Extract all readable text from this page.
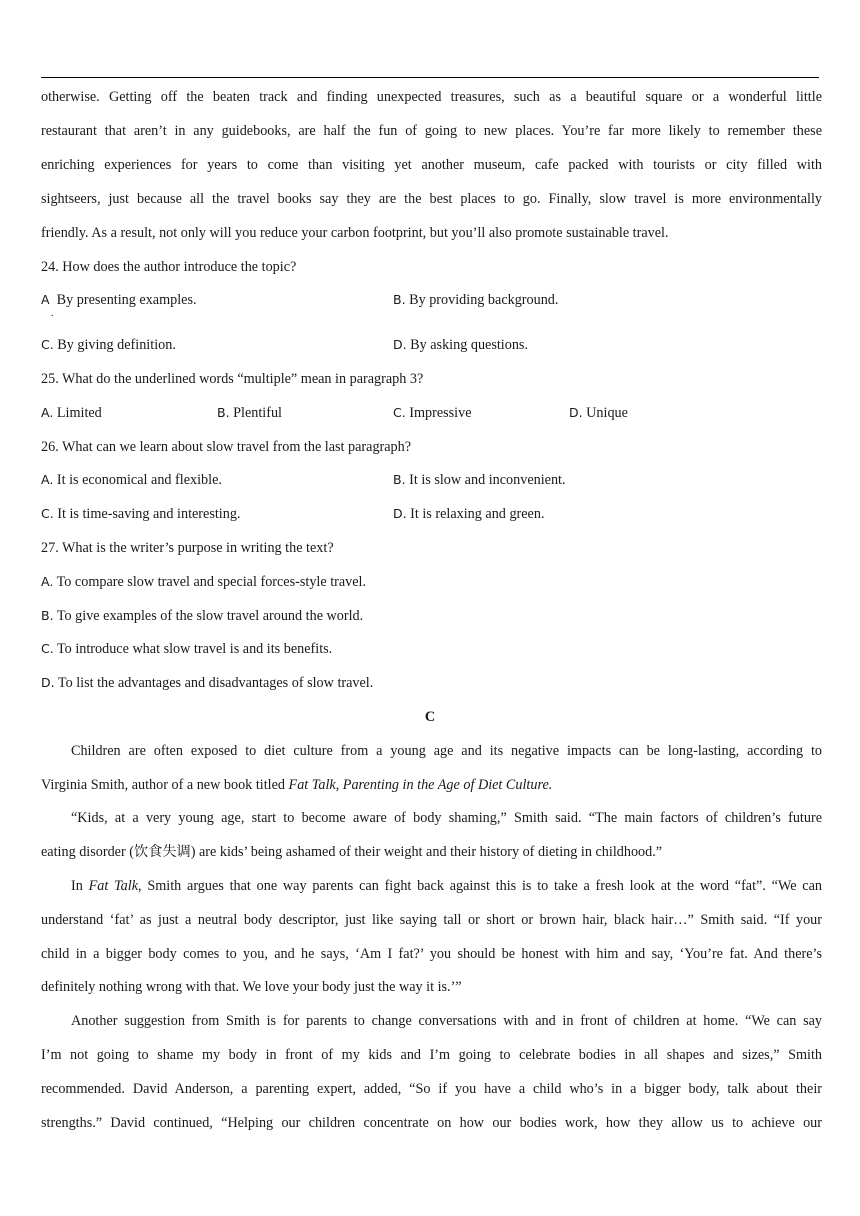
otherwise. Getting off the beaten track and finding unexpected treasures, such as a beautiful square or a wonderful little
restaurant that aren’t in any guidebooks, are half the fun of going to new places. You’re far more likely to remember these
enriching experiences for years to come than visiting yet another museum, cafe packed with tourists or city filled with
sightseers, just because all the travel books say they are the best places to go. Finally, slow travel is more environmentally
friendly. As a result, not only will you reduce your carbon footprint, but you’ll also promote sustainable travel.
24. How does the author introduce the topic?
A By presenting examples.
.
B. By providing background.
C. By giving definition.	D. By asking questions.
25. What do the underlined words “multiple” mean in paragraph 3?
A. Limited	B. Plentiful	C. Impressive	D. Unique
26. What can we learn about slow travel from the last paragraph?
A. It is economical and flexible.	B. It is slow and inconvenient.
C. It is time-saving and interesting.	D. It is relaxing and green.
27. What is the writer’s purpose in writing the text?
A. To compare slow travel and special forces-style travel.
B. To give examples of the slow travel around the world.
C. To introduce what slow travel is and its benefits.
D. To list the advantages and disadvantages of slow travel.
C
Children are often exposed to diet culture from a young age and its negative impacts can be long-lasting, according to
Virginia Smith, author of a new book titled Fat Talk, Parenting in the Age of Diet Culture.
“Kids, at a very young age, start to become aware of body shaming,” Smith said. “The main factors of children’s future
eating disorder (饮食失调) are kids’ being ashamed of their weight and their history of dieting in childhood.”
In Fat Talk, Smith argues that one way parents can fight back against this is to take a fresh look at the word “fat”. “We can
understand ‘fat’ as just a neutral body descriptor, just like saying tall or short or brown hair, black hair…” Smith said. “If your
child in a bigger body comes to you, and he says, ‘Am I fat?’ you should be honest with him and say, ‘You’re fat. And there’s
definitely nothing wrong with that. We love your body just the way it is.’”
Another suggestion from Smith is for parents to change conversations with and in front of children at home. “We can say
I’m not going to shame my body in front of my kids and I’m going to celebrate bodies in all shapes and sizes,” Smith
recommended. David Anderson, a parenting expert, added, “So if you have a child who’s in a bigger body, talk about their
strengths.” David continued, “Helping our children concentrate on how our bodies work, how they allow us to achieve our
